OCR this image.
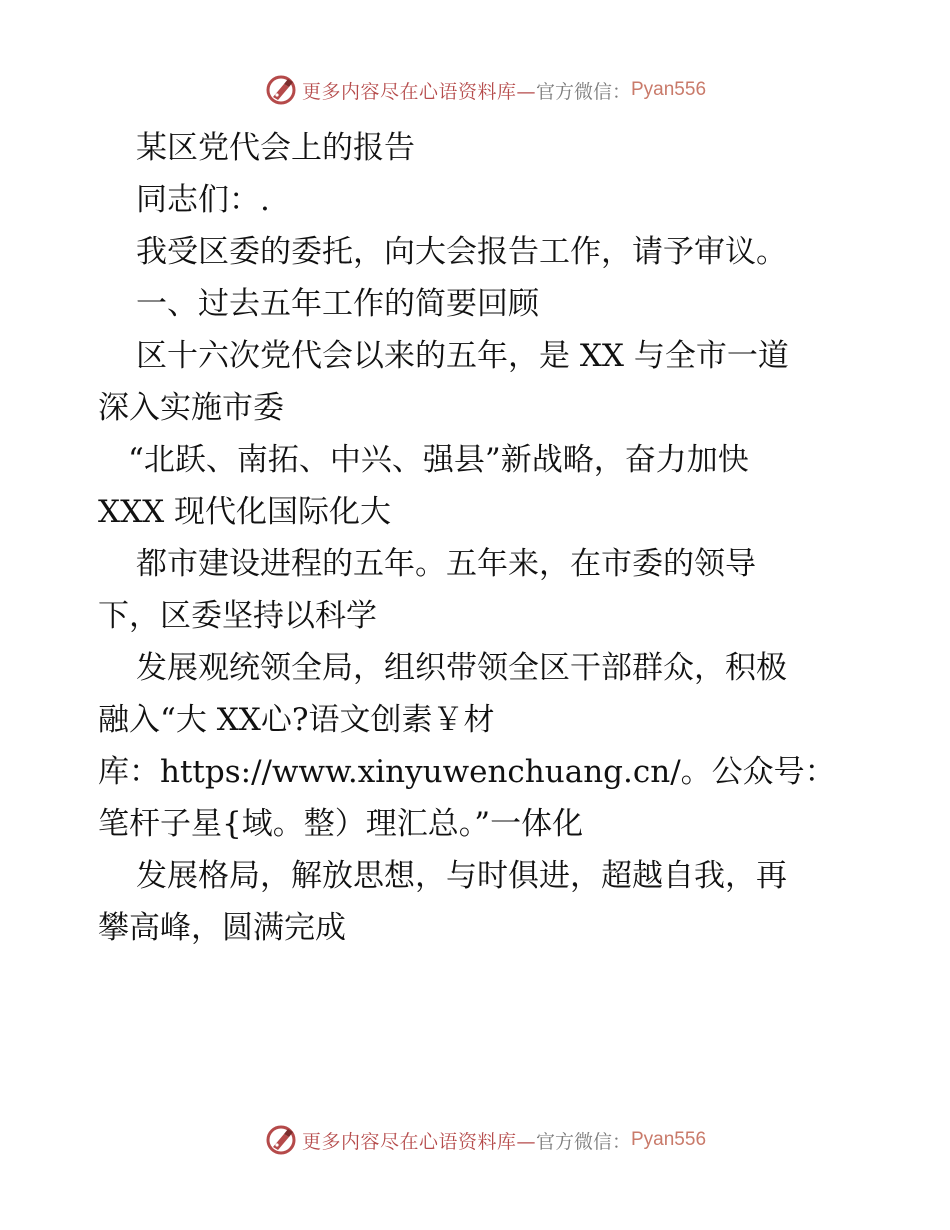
更多内容尽在心语资料库— 官方微信： Pyan556
某区党代会上的报告
同志们：.
我受区委的委托，向大会报告工作，请予审议。
一、过去五年工作的简要回顾
区十六次党代会以来的五年，是 XX 与全市一道
深入实施市委
“北跃、南拓、中兴、强县”新战略，奋力加快
XXX 现代化国际化大
都市建设进程的五年。五年来，在市委的领导
下，区委坚持以科学
发展观统领全局，组织带领全区干部群众，积极
融入“大 XX心?语文创素￥材
库：https://www.xinyuwenchuang.cn/。公众号：
笔杆子星{域。整）理汇总。”一体化
发展格局，解放思想，与时俱进，超越自我，再
攀高峰，圆满完成
更多内容尽在心语资料库— 官方微信： Pyan556
